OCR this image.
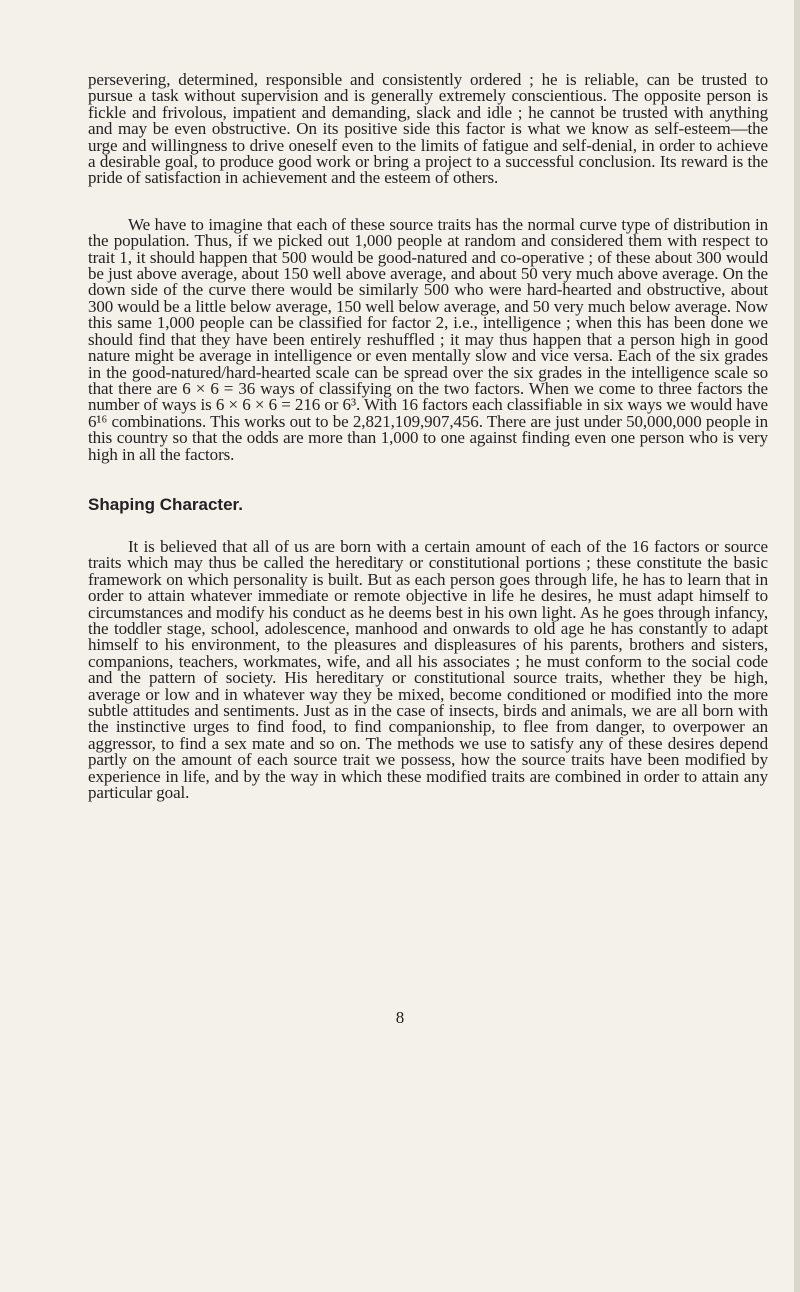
persevering, determined, responsible and consistently ordered ; he is reliable, can be trusted to pursue a task without supervision and is generally extremely conscientious. The opposite person is fickle and frivolous, impatient and demanding, slack and idle ; he cannot be trusted with anything and may be even obstructive. On its positive side this factor is what we know as self-esteem—the urge and willingness to drive oneself even to the limits of fatigue and self-denial, in order to achieve a desirable goal, to produce good work or bring a project to a successful conclusion. Its reward is the pride of satisfaction in achievement and the esteem of others.

We have to imagine that each of these source traits has the normal curve type of distribution in the population. Thus, if we picked out 1,000 people at random and considered them with respect to trait 1, it should happen that 500 would be good-natured and co-operative ; of these about 300 would be just above average, about 150 well above average, and about 50 very much above average. On the down side of the curve there would be similarly 500 who were hard-hearted and obstructive, about 300 would be a little below average, 150 well below average, and 50 very much below average. Now this same 1,000 people can be classified for factor 2, i.e., intelligence ; when this has been done we should find that they have been entirely reshuffled ; it may thus happen that a person high in good nature might be average in intelligence or even mentally slow and vice versa. Each of the six grades in the good-natured/hard-hearted scale can be spread over the six grades in the intelligence scale so that there are 6 × 6 = 36 ways of classifying on the two factors. When we come to three factors the number of ways is 6 × 6 × 6 = 216 or 6³. With 16 factors each classifiable in six ways we would have 6¹⁶ combinations. This works out to be 2,821,109,907,456. There are just under 50,000,000 people in this country so that the odds are more than 1,000 to one against finding even one person who is very high in all the factors.

Shaping Character.

It is believed that all of us are born with a certain amount of each of the 16 factors or source traits which may thus be called the hereditary or constitutional portions ; these constitute the basic framework on which personality is built. But as each person goes through life, he has to learn that in order to attain whatever immediate or remote objective in life he desires, he must adapt himself to circumstances and modify his conduct as he deems best in his own light. As he goes through infancy, the toddler stage, school, adolescence, manhood and onwards to old age he has constantly to adapt himself to his environment, to the pleasures and displeasures of his parents, brothers and sisters, companions, teachers, workmates, wife, and all his associates ; he must conform to the social code and the pattern of society. His hereditary or constitutional source traits, whether they be high, average or low and in whatever way they be mixed, become conditioned or modified into the more subtle attitudes and sentiments. Just as in the case of insects, birds and animals, we are all born with the instinctive urges to find food, to find companionship, to flee from danger, to overpower an aggressor, to find a sex mate and so on. The methods we use to satisfy any of these desires depend partly on the amount of each source trait we possess, how the source traits have been modified by experience in life, and by the way in which these modified traits are combined in order to attain any particular goal.

8
